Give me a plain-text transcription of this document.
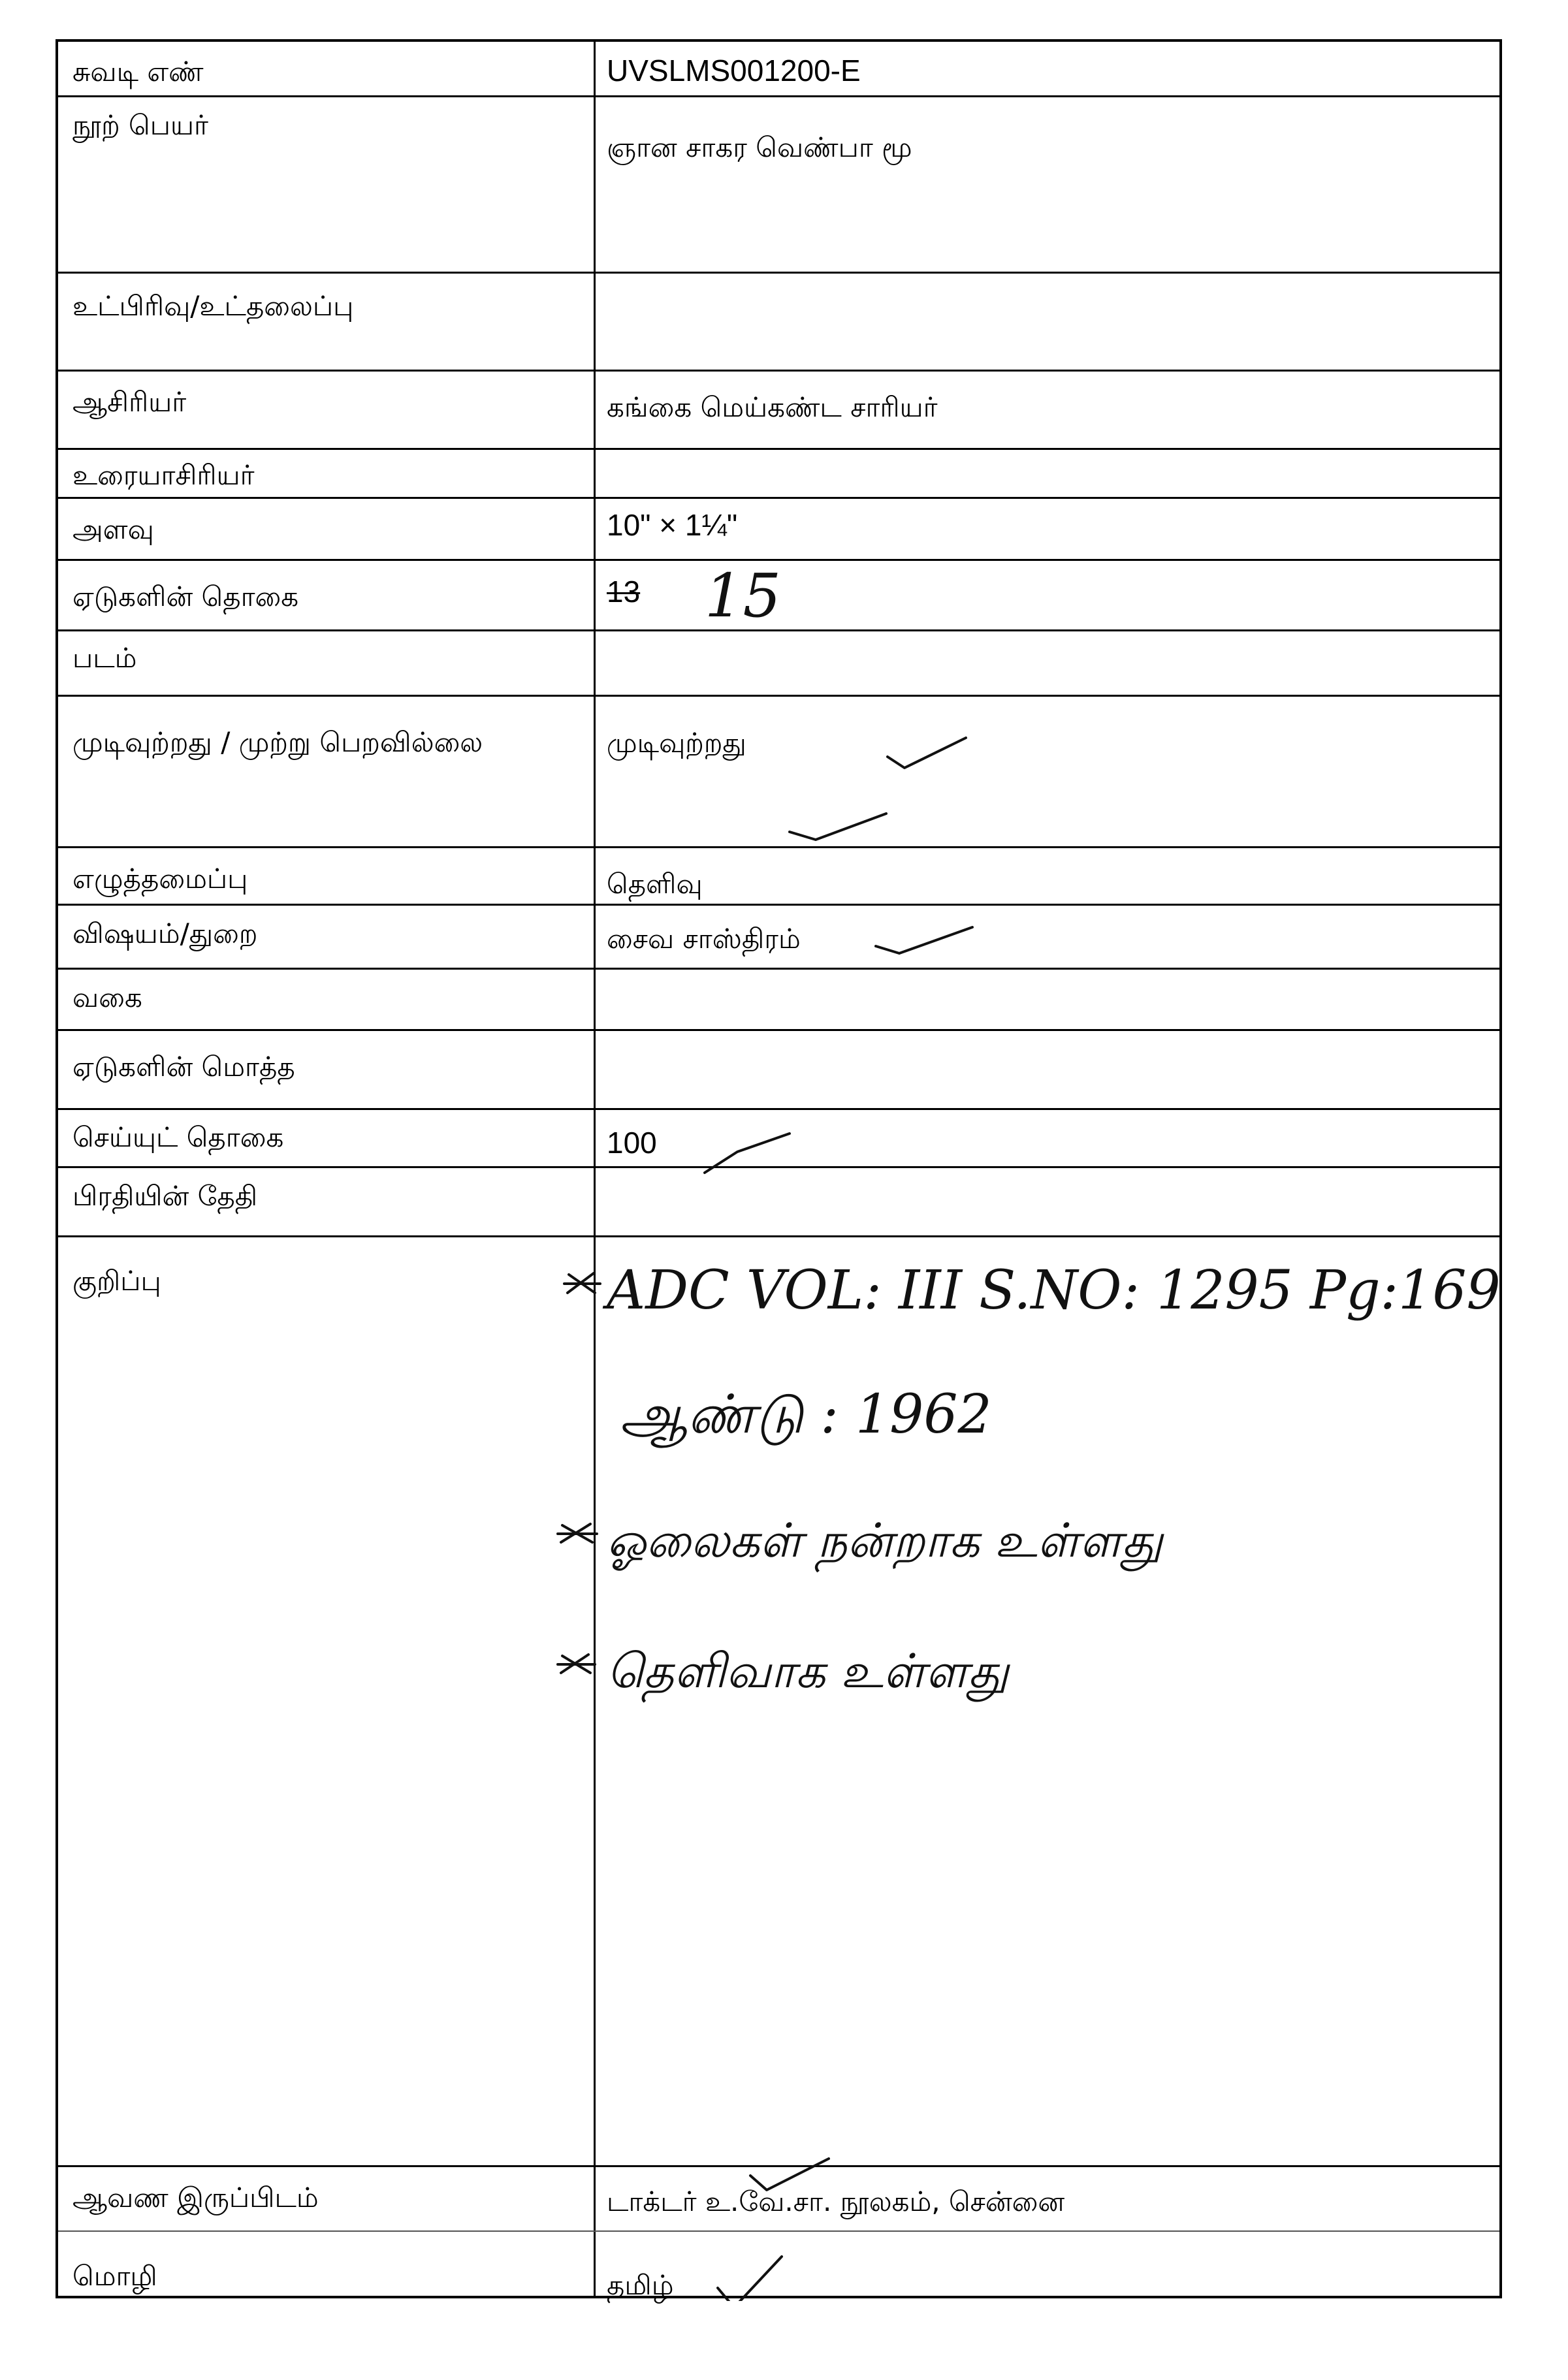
சுவடி எண்
நூற் பெயர்
உட்பிரிவு/உட்தலைப்பு
ஆசிரியர்
உரையாசிரியர்
அளவு
ஏடுகளின் தொகை
படம்
முடிவுற்றது / முற்று பெறவில்லை
எழுத்தமைப்பு
விஷயம்/துறை
வகை
ஏடுகளின் மொத்த
செய்யுட் தொகை
பிரதியின் தேதி
குறிப்பு
ஆவண இருப்பிடம்
மொழி
UVSLMS001200-E
ஞான சாகர வெண்பா மூ
கங்கை மெய்கண்ட சாரியர்
10" × 1¼"
முடிவுற்றது
தெளிவு
சைவ சாஸ்திரம்
100
டாக்டர் உ.வே.சா. நூலகம், சென்னை
தமிழ்
13 15
ADC VOL: III S.NO: 1295 Pg:169
ஆண்டு : 1962
ஓலைகள் நன்றாக உள்ளது
தெளிவாக உள்ளது
